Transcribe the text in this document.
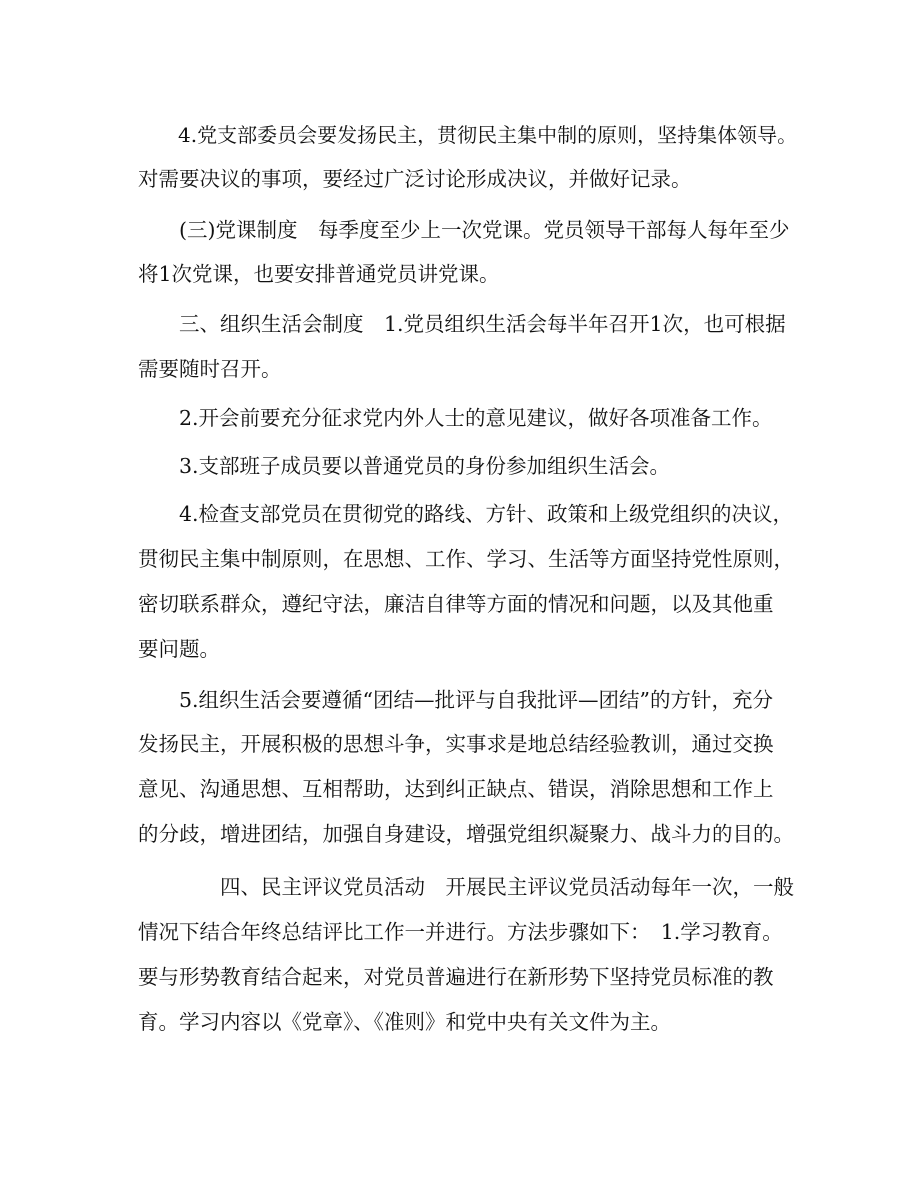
　　4.党支部委员会要发扬民主，贯彻民主集中制的原则，坚持集体领导。
对需要决议的事项，要经过广泛讨论形成决议，并做好记录。
　　(三)党课制度　每季度至少上一次党课。党员领导干部每人每年至少
将1次党课，也要安排普通党员讲党课。
　　三、组织生活会制度　1.党员组织生活会每半年召开1次，也可根据
需要随时召开。
　　2.开会前要充分征求党内外人士的意见建议，做好各项准备工作。
　　3.支部班子成员要以普通党员的身份参加组织生活会。
　　4.检查支部党员在贯彻党的路线、方针、政策和上级党组织的决议，
贯彻民主集中制原则，在思想、工作、学习、生活等方面坚持党性原则，
密切联系群众，遵纪守法，廉洁自律等方面的情况和问题，以及其他重
要问题。
　　5.组织生活会要遵循“团结—批评与自我批评—团结”的方针，充分
发扬民主，开展积极的思想斗争，实事求是地总结经验教训，通过交换
意见、沟通思想、互相帮助，达到纠正缺点、错误，消除思想和工作上
的分歧，增进团结，加强自身建设，增强党组织凝聚力、战斗力的目的。
　　　　四、民主评议党员活动　开展民主评议党员活动每年一次，一般
情况下结合年终总结评比工作一并进行。方法步骤如下：　1.学习教育。
要与形势教育结合起来，对党员普遍进行在新形势下坚持党员标准的教
育。学习内容以《党章》、《准则》和党中央有关文件为主。
